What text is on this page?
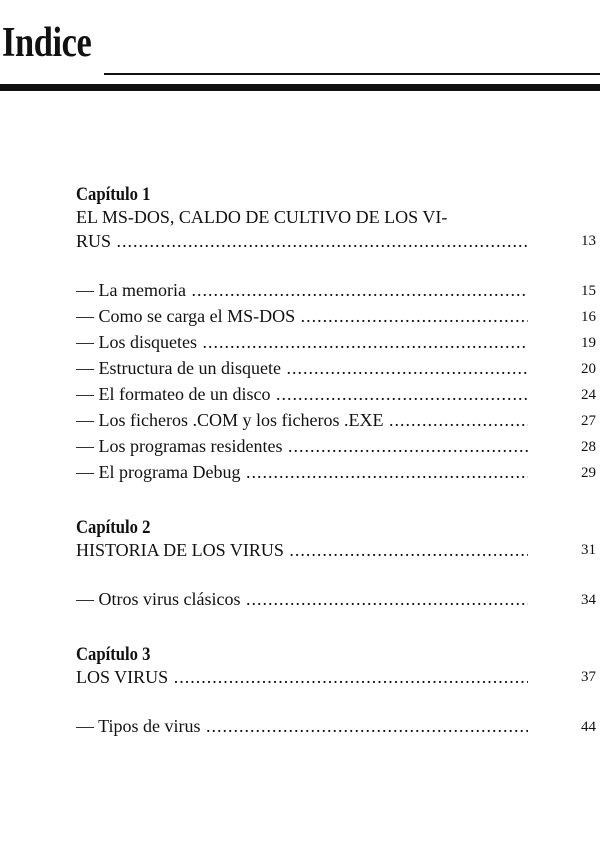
Indice
Capítulo 1
EL MS-DOS, CALDO DE CULTIVO DE LOS VI-
RUS .....	13
— La memoria .....	15
— Como se carga el MS-DOS .....	16
— Los disquetes .....	19
— Estructura de un disquete .....	20
— El formateo de un disco .....	24
— Los ficheros .COM y los ficheros .EXE .....	27
— Los programas residentes .....	28
— El programa Debug .....	29
Capítulo 2
HISTORIA DE LOS VIRUS .....	31
— Otros virus clásicos .....	34
Capítulo 3
LOS VIRUS .....	37
— Tipos de virus .....	44
